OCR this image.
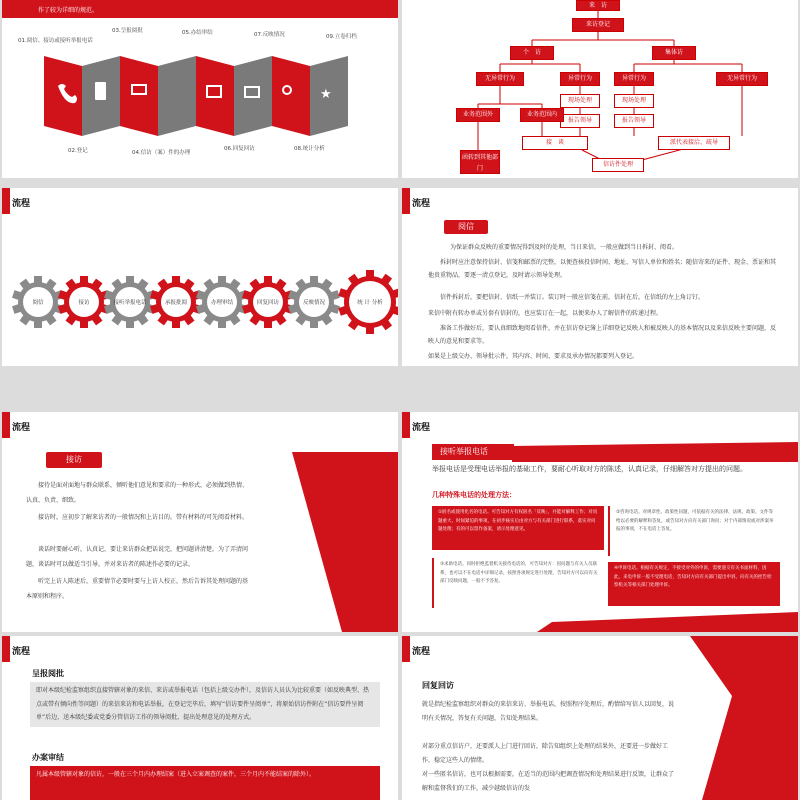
作了较为详细的规范。
01.阅信、接访或接听举报电话
03.呈报阅批	05.办结审结	07.反映情况	09.立卷归档
★
02.登记	04.信访（案）件的办理
06.回复回访	08.统计分析
来　访
来访登记
个　访	集体访
无异常行为	异常行为	异常行为	无异常行为
现场处理	现场处理
报告领导	报告领导
业务范围外	业务范围内
接　谈	派代表接洽、疏导
函转到其他部门
信访件处理
流程
阅信	接访	接听举报电话	承报批阅	办理审结	回复回访	反映情况	统 计 分析
流程
阅信
为保证群众反映的重要情况得到及时的处理，当日来信，一般应做到当日拆封、阅看。
拆封时应注意保持信封、信笺和邮票的完整，以便查核投信时间、地址、写信人单位和姓名；随信寄来的证件、现金、票证和其他贵重物品，要逐一清点登记，及时请示领导处理。
信件拆封后，要把信封、信纸一并装订。装订时一般应信笺在前，信封在后，在信纸的左上角订钉。
来信中附有转办单或另套有信封的，也应装订在一起，以便来办人了解信件的转递过程。
准备工作做好后，要认真细致地阅看信件，并在信访登记簿上详细登记反映人和被反映人的基本情况以及来信反映主要问题，反映人的意见和要求等。
如果是上级交办、领导批示件，其内容、时间、要求及承办情况都要列入登记。
流程
接访
接待是面对面地与群众联系，倾听他们意见和要求的一种形式，必须做到热情、认真、负责、细致。
接访时，应初步了解来访者的一般情况和上访目的。带有材料的可先阅看材料。
谈话时要耐心听，认真记，要让来访群众把话说完，把问题讲清楚。为了弄清问题，谈话时可以做适当引导，并对来访者的陈述作必要的记录。
听完上访人陈述后，重要情节必要时要与上访人校正，然后告诉其处理问题的基本原则和程序。
流程
接听举报电话
举报电话是受理电话举报的基础工作，要耐心听取对方的陈述，认真记录，仔细解答对方提出的问题。
几种特殊电话的处理方法：
①匿名或使用化名的电话。可告知对方有权匿名「反映」，并能对解释工作；对问题重大、时间紧迫的事项，在初步核实后由对方与有关部门进行联系，落实对问题处理；有的可以留作备案，请示处理意见。
②咨询电话。对规章性、政策性问题，可依据有关的法律、法规、政策、文件等给以必要的解释和答复，或告知对方向有关部门询问；对于内部情况或对涉案举报的事项，不在电话上答复。
③求助电话。同时拒绝监督机关接待电话的，可告知对方：因问题与有关人员联系，也可以不在电话中详细记录，按照各项规定进行处理，告知对方可以向有关部门反映问题，一般不予答复。
④申诉电话。根据有关规定，不接受对外的申诉，需要递交有关书面材料，因此，来电申诉一般不受理电话，告知对方向有关部门提出申诉，向有关的控告检察机关等相关部门处理申诉。
流程
呈报阅批
即对本级纪检监察组织直接管辖对象的来信、来访或举报电话（包括上级交办件），及信访人员认为比较重要（如反映典型、热点或带有倾向性等问题）的来信来访和电话举报，在登记完毕后，填写“信访要件呈阅单”，将原始信访件附在“信访要件呈阅单”后边，送本级纪委或党委分管信访工作的领导阅批，提出处理意见的处理方式。
办案审结
凡属本级管辖对象的信访，一般在三个月内办理结案（进入立案调查的案件，三个月内不能结案的除外）。
流程
回复回访
就是指纪检监察组织对群众的来信来访、举报电话，按照程序处理后，酌情给写信人以回复，说明有关情况，答复有关问题，告知处理结果。
对部分重点信访户，还要派人上门进行回访，除告知组织上处理的结果外，还要进一步做好工作，稳定这些人的情绪。
对一些匿名信访，也可以根据需要，在适当的范围内把调查情况和处理结果进行反馈，让群众了解和监督我们的工作，减少越级信访的发
